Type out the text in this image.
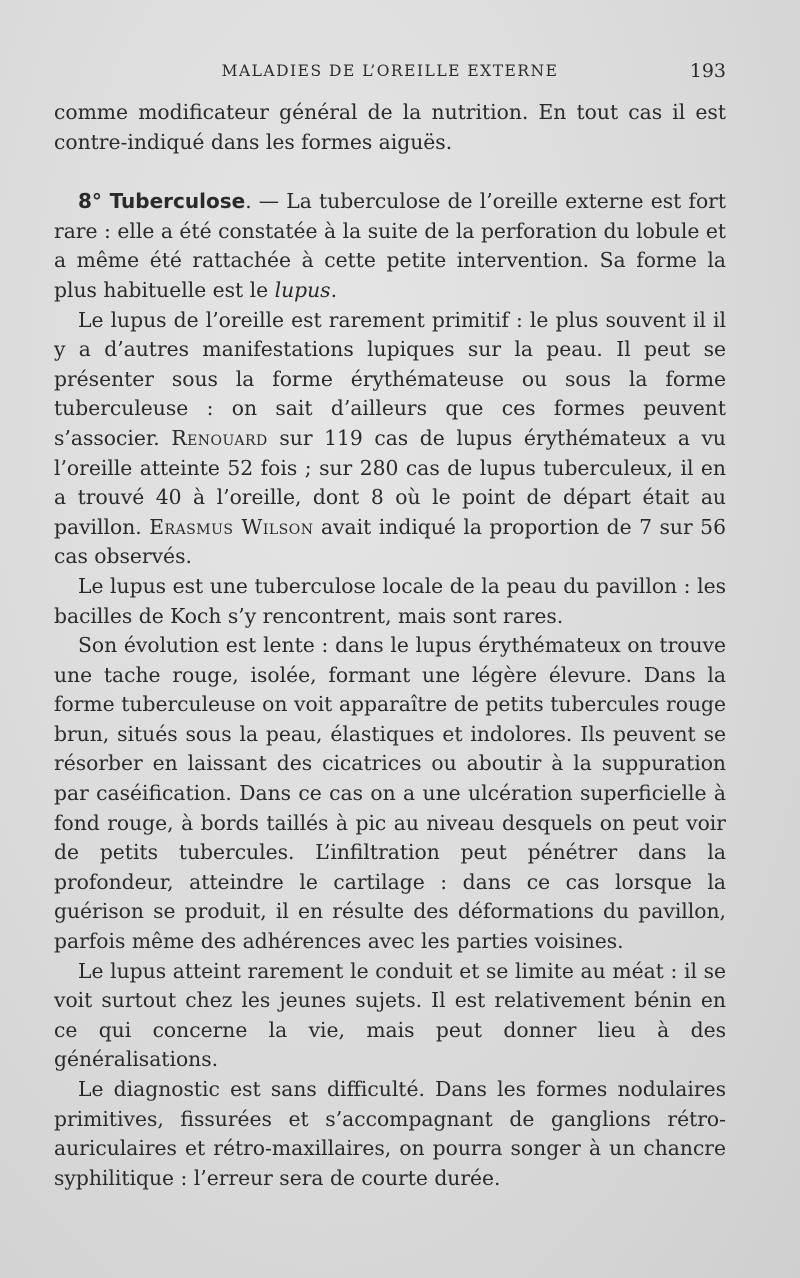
MALADIES DE L’OREILLE EXTERNE	193

comme modificateur général de la nutrition. En tout cas il est contre-indiqué dans les formes aiguës.

8° Tuberculose. — La tuberculose de l’oreille externe est fort rare : elle a été constatée à la suite de la perforation du lobule et a même été rattachée à cette petite intervention. Sa forme la plus habituelle est le lupus.

Le lupus de l’oreille est rarement primitif : le plus souvent il il y a d’autres manifestations lupiques sur la peau. Il peut se présenter sous la forme érythémateuse ou sous la forme tuberculeuse : on sait d’ailleurs que ces formes peuvent s’associer. Renouard sur 119 cas de lupus érythémateux a vu l’oreille atteinte 52 fois ; sur 280 cas de lupus tuberculeux, il en a trouvé 40 à l’oreille, dont 8 où le point de départ était au pavillon. Erasmus Wilson avait indiqué la proportion de 7 sur 56 cas observés.

Le lupus est une tuberculose locale de la peau du pavillon : les bacilles de Koch s’y rencontrent, mais sont rares.

Son évolution est lente : dans le lupus érythémateux on trouve une tache rouge, isolée, formant une légère élevure. Dans la forme tuberculeuse on voit apparaître de petits tubercules rouge brun, situés sous la peau, élastiques et indolores. Ils peuvent se résorber en laissant des cicatrices ou aboutir à la suppuration par caséification. Dans ce cas on a une ulcération superficielle à fond rouge, à bords taillés à pic au niveau desquels on peut voir de petits tubercules. L’infiltration peut pénétrer dans la profondeur, atteindre le cartilage : dans ce cas lorsque la guérison se produit, il en résulte des déformations du pavillon, parfois même des adhérences avec les parties voisines.

Le lupus atteint rarement le conduit et se limite au méat : il se voit surtout chez les jeunes sujets. Il est relativement bénin en ce qui concerne la vie, mais peut donner lieu à des généralisations.

Le diagnostic est sans difficulté. Dans les formes nodulaires primitives, fissurées et s’accompagnant de ganglions rétro-auriculaires et rétro-maxillaires, on pourra songer à un chancre syphilitique : l’erreur sera de courte durée.
